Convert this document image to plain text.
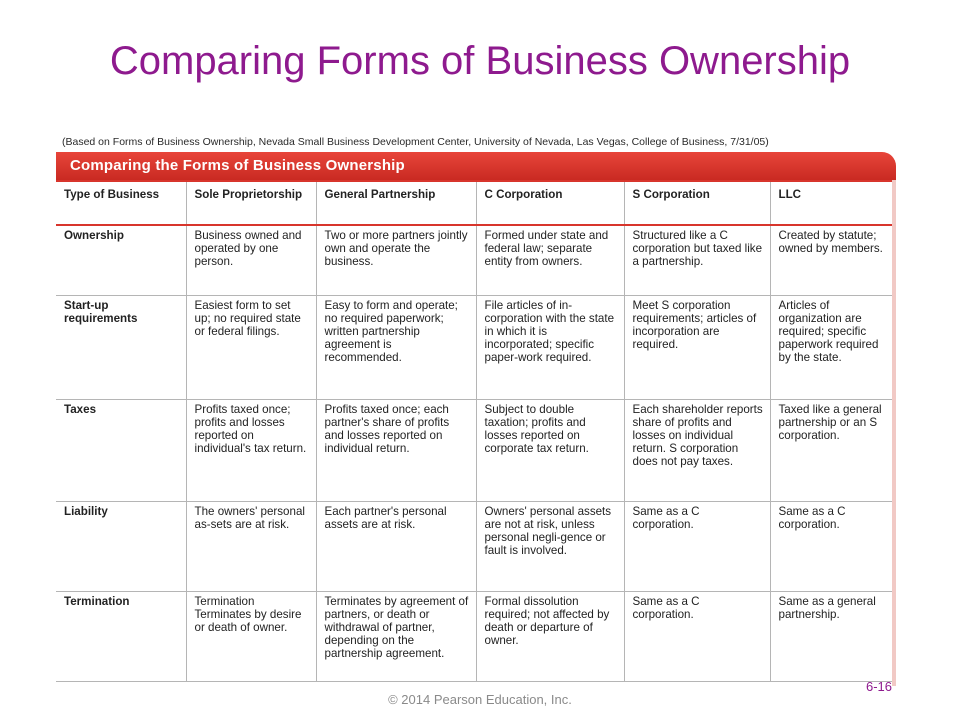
Comparing Forms of Business Ownership
(Based on Forms of Business Ownership, Nevada Small Business Development Center, University of Nevada, Las Vegas, College of Business, 7/31/05)
Comparing the Forms of Business Ownership
Type of Business	Sole Proprietorship	General Partnership	C Corporation	S Corporation	LLC
Ownership	Business owned and operated by one person.	Two or more partners jointly own and operate the business.	Formed under state and federal law; separate entity from owners.	Structured like a C corporation but taxed like a partnership.	Created by statute; owned by members.
Start-up requirements	Easiest form to set up; no required state or federal filings.	Easy to form and operate; no required paperwork; written partnership agreement is recommended.	File articles of in-corporation with the state in which it is incorporated; specific paper-work required.	Meet S corporation requirements; articles of incorporation are required.	Articles of organization are required; specific paperwork required by the state.
Taxes	Profits taxed once; profits and losses reported on individual's tax return.	Profits taxed once; each partner's share of profits and losses reported on individual return.	Subject to double taxation; profits and losses reported on corporate tax return.	Each shareholder reports share of profits and losses on individual return. S corporation does not pay taxes.	Taxed like a general partnership or an S corporation.
Liability	The owners' personal as-sets are at risk.	Each partner's personal assets are at risk.	Owners' personal assets are not at risk, unless personal negli-gence or fault is involved.	Same as a C corporation.	Same as a C corporation.
Termination	Termination Terminates by desire or death of owner.	Terminates by agreement of partners, or death or withdrawal of partner, depending on the partnership agreement.	Formal dissolution required; not affected by death or departure of owner.	Same as a C corporation.	Same as a general partnership.
6-16
© 2014 Pearson Education, Inc.
